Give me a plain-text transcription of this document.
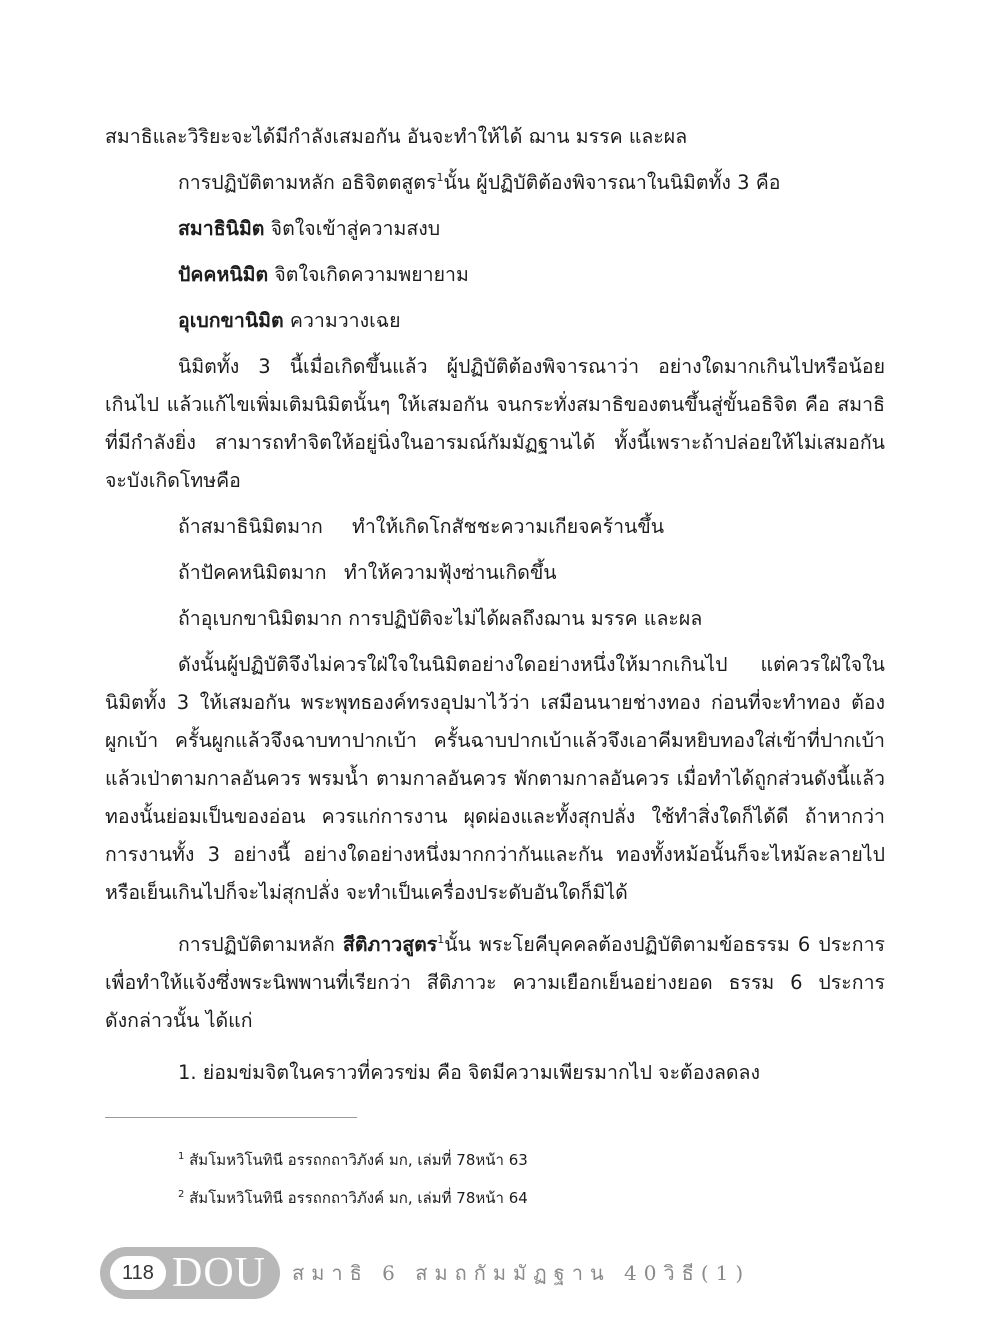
สมาธิและวิริยะจะได้มีกำลังเสมอกัน อันจะทำให้ได้ ฌาน มรรค และผล
การปฏิบัติตามหลัก อธิจิตตสูตร$^1$นั้น ผู้ปฏิบัติต้องพิจารณาในนิมิตทั้ง 3 คือ
สมาธินิมิต จิตใจเข้าสู่ความสงบ
ปัคคหนิมิต จิตใจเกิดความพยายาม
อุเบกขานิมิต ความวางเฉย
นิมิตทั้ง 3 นี้เมื่อเกิดขึ้นแล้ว ผู้ปฏิบัติต้องพิจารณาว่า อย่างใดมากเกินไปหรือน้อย
เกินไป แล้วแก้ไขเพิ่มเติมนิมิตนั้นๆ ให้เสมอกัน จนกระทั่งสมาธิของตนขึ้นสู่ขั้นอธิจิต คือ สมาธิ
ที่มีกำลังยิ่ง สามารถทำจิตให้อยู่นิ่งในอารมณ์กัมมัฏฐานได้ ทั้งนี้เพราะถ้าปล่อยให้ไม่เสมอกัน
จะบังเกิดโทษคือ
ถ้าสมาธินิมิตมาก ทำให้เกิดโกสัชชะความเกียจคร้านขึ้น
ถ้าปัคคหนิมิตมาก ทำให้ความฟุ้งซ่านเกิดขึ้น
ถ้าอุเบกขานิมิตมาก การปฏิบัติจะไม่ได้ผลถึงฌาน มรรค และผล
ดังนั้นผู้ปฏิบัติจึงไม่ควรใฝ่ใจในนิมิตอย่างใดอย่างหนึ่งให้มากเกินไป แต่ควรใฝ่ใจใน
นิมิตทั้ง 3 ให้เสมอกัน พระพุทธองค์ทรงอุปมาไว้ว่า เสมือนนายช่างทอง ก่อนที่จะทำทอง ต้อง
ผูกเบ้า ครั้นผูกแล้วจึงฉาบทาปากเบ้า ครั้นฉาบปากเบ้าแล้วจึงเอาคีมหยิบทองใส่เข้าที่ปากเบ้า
แล้วเป่าตามกาลอันควร พรมน้ำ ตามกาลอันควร พักตามกาลอันควร เมื่อทำได้ถูกส่วนดังนี้แล้ว
ทองนั้นย่อมเป็นของอ่อน ควรแก่การงาน ผุดผ่องและทั้งสุกปลั่ง ใช้ทำสิ่งใดก็ได้ดี ถ้าหากว่า
การงานทั้ง 3 อย่างนี้ อย่างใดอย่างหนึ่งมากกว่ากันและกัน ทองทั้งหม้อนั้นก็จะไหม้ละลายไป
หรือเย็นเกินไปก็จะไม่สุกปลั่ง จะทำเป็นเครื่องประดับอันใดก็มิได้
การปฏิบัติตามหลัก สีติภาวสูตร$^1$นั้น พระโยคีบุคคลต้องปฏิบัติตามข้อธรรม 6 ประการ
เพื่อทำให้แจ้งซึ่งพระนิพพานที่เรียกว่า สีติภาวะ ความเยือกเย็นอย่างยอด ธรรม 6 ประการ
ดังกล่าวนั้น ได้แก่
1. ย่อมข่มจิตในคราวที่ควรข่ม คือ จิตมีความเพียรมากไป จะต้องลดลง
$^1$ สัมโมหวิโนทินี อรรถกถาวิภังค์ มก, เล่มที่ 78หน้า 63
$^2$ สัมโมหวิโนทินี อรรถกถาวิภังค์ มก, เล่มที่ 78หน้า 64
118 DOU สมาธิ 6 สมถกัมมัฏฐาน 40วิธี(1)
